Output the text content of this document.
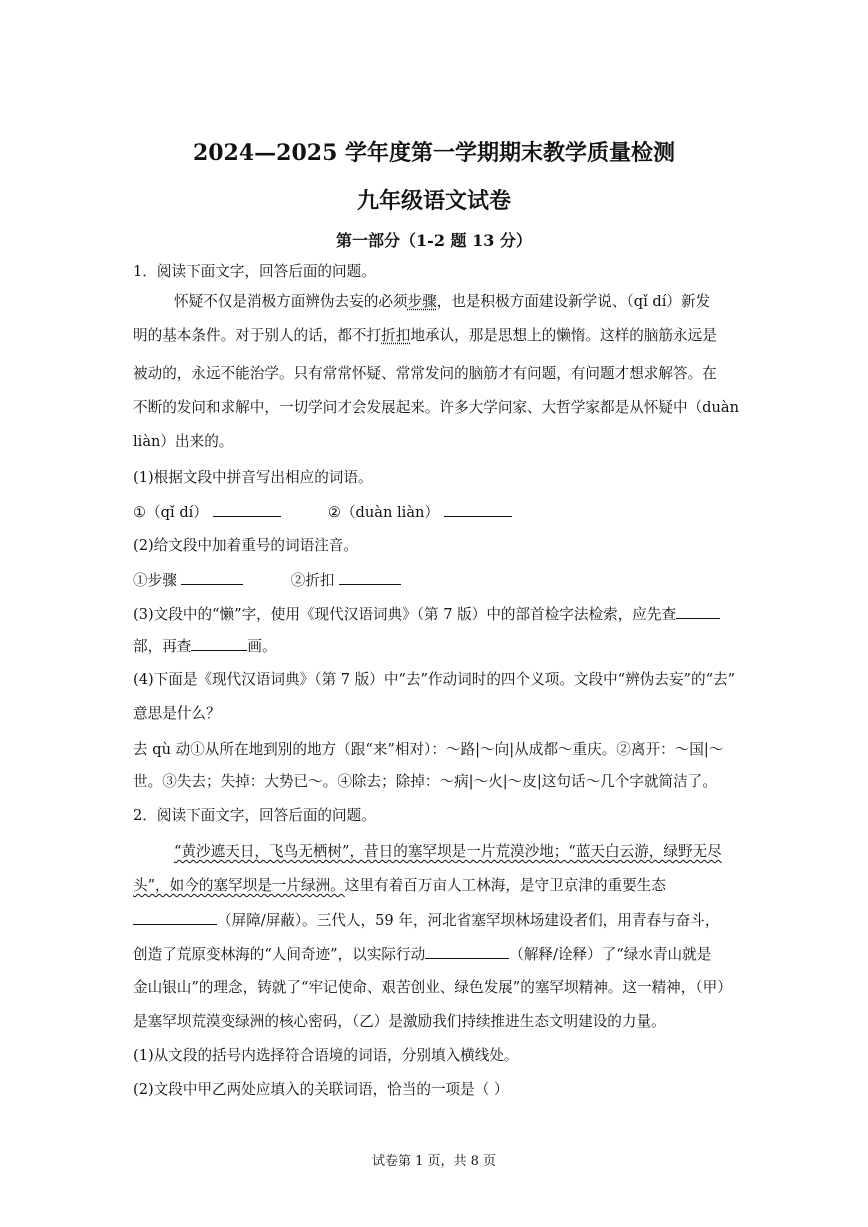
2024—2025 学年度第一学期期末教学质量检测
九年级语文试卷
第一部分（1-2 题 13 分）
1．阅读下面文字，回答后面的问题。
怀疑不仅是消极方面辨伪去妄的必须步骤，也是积极方面建设新学说、（qǐ dí）新发
明的基本条件。对于别人的话，都不打折扣地承认，那是思想上的懒惰。这样的脑筋永远是
被动的，永远不能治学。只有常常怀疑、常常发问的脑筋才有问题，有问题才想求解答。在
不断的发问和求解中，一切学问才会发展起来。许多大学问家、大哲学家都是从怀疑中（duàn
liàn）出来的。
(1)根据文段中拼音写出相应的词语。
①（qǐ dí）	②（duàn liàn）
(2)给文段中加着重号的词语注音。
①步骤	②折扣
(3)文段中的“懒”字，使用《现代汉语词典》（第 7 版）中的部首检字法检索，应先查
部，再查	画。
(4)下面是《现代汉语词典》（第 7 版）中“去”作动词时的四个义项。文段中“辨伪去妄”的“去”
意思是什么？
去 qù 动①从所在地到别的地方（跟“来”相对）：～路|～向|从成都～重庆。②离开：～国|～
世。③失去；失掉：大势已～。④除去；除掉：～病|～火|～皮|这句话～几个字就简洁了。
2．阅读下面文字，回答后面的问题。
“黄沙遮天日，飞鸟无栖树”，昔日的塞罕坝是一片荒漠沙地；“蓝天白云游，绿野无尽
头”，如今的塞罕坝是一片绿洲。这里有着百万亩人工林海，是守卫京津的重要生态
（屏障/屏蔽）。三代人，59 年，河北省塞罕坝林场建设者们，用青春与奋斗，
创造了荒原变林海的“人间奇迹”，以实际行动	（解释/诠释）了“绿水青山就是
金山银山”的理念，铸就了“牢记使命、艰苦创业、绿色发展”的塞罕坝精神。这一精神，（甲）
是塞罕坝荒漠变绿洲的核心密码，（乙）是激励我们持续推进生态文明建设的力量。
(1)从文段的括号内选择符合语境的词语，分别填入横线处。
(2)文段中甲乙两处应填入的关联词语，恰当的一项是（ ）
试卷第 1 页，共 8 页
